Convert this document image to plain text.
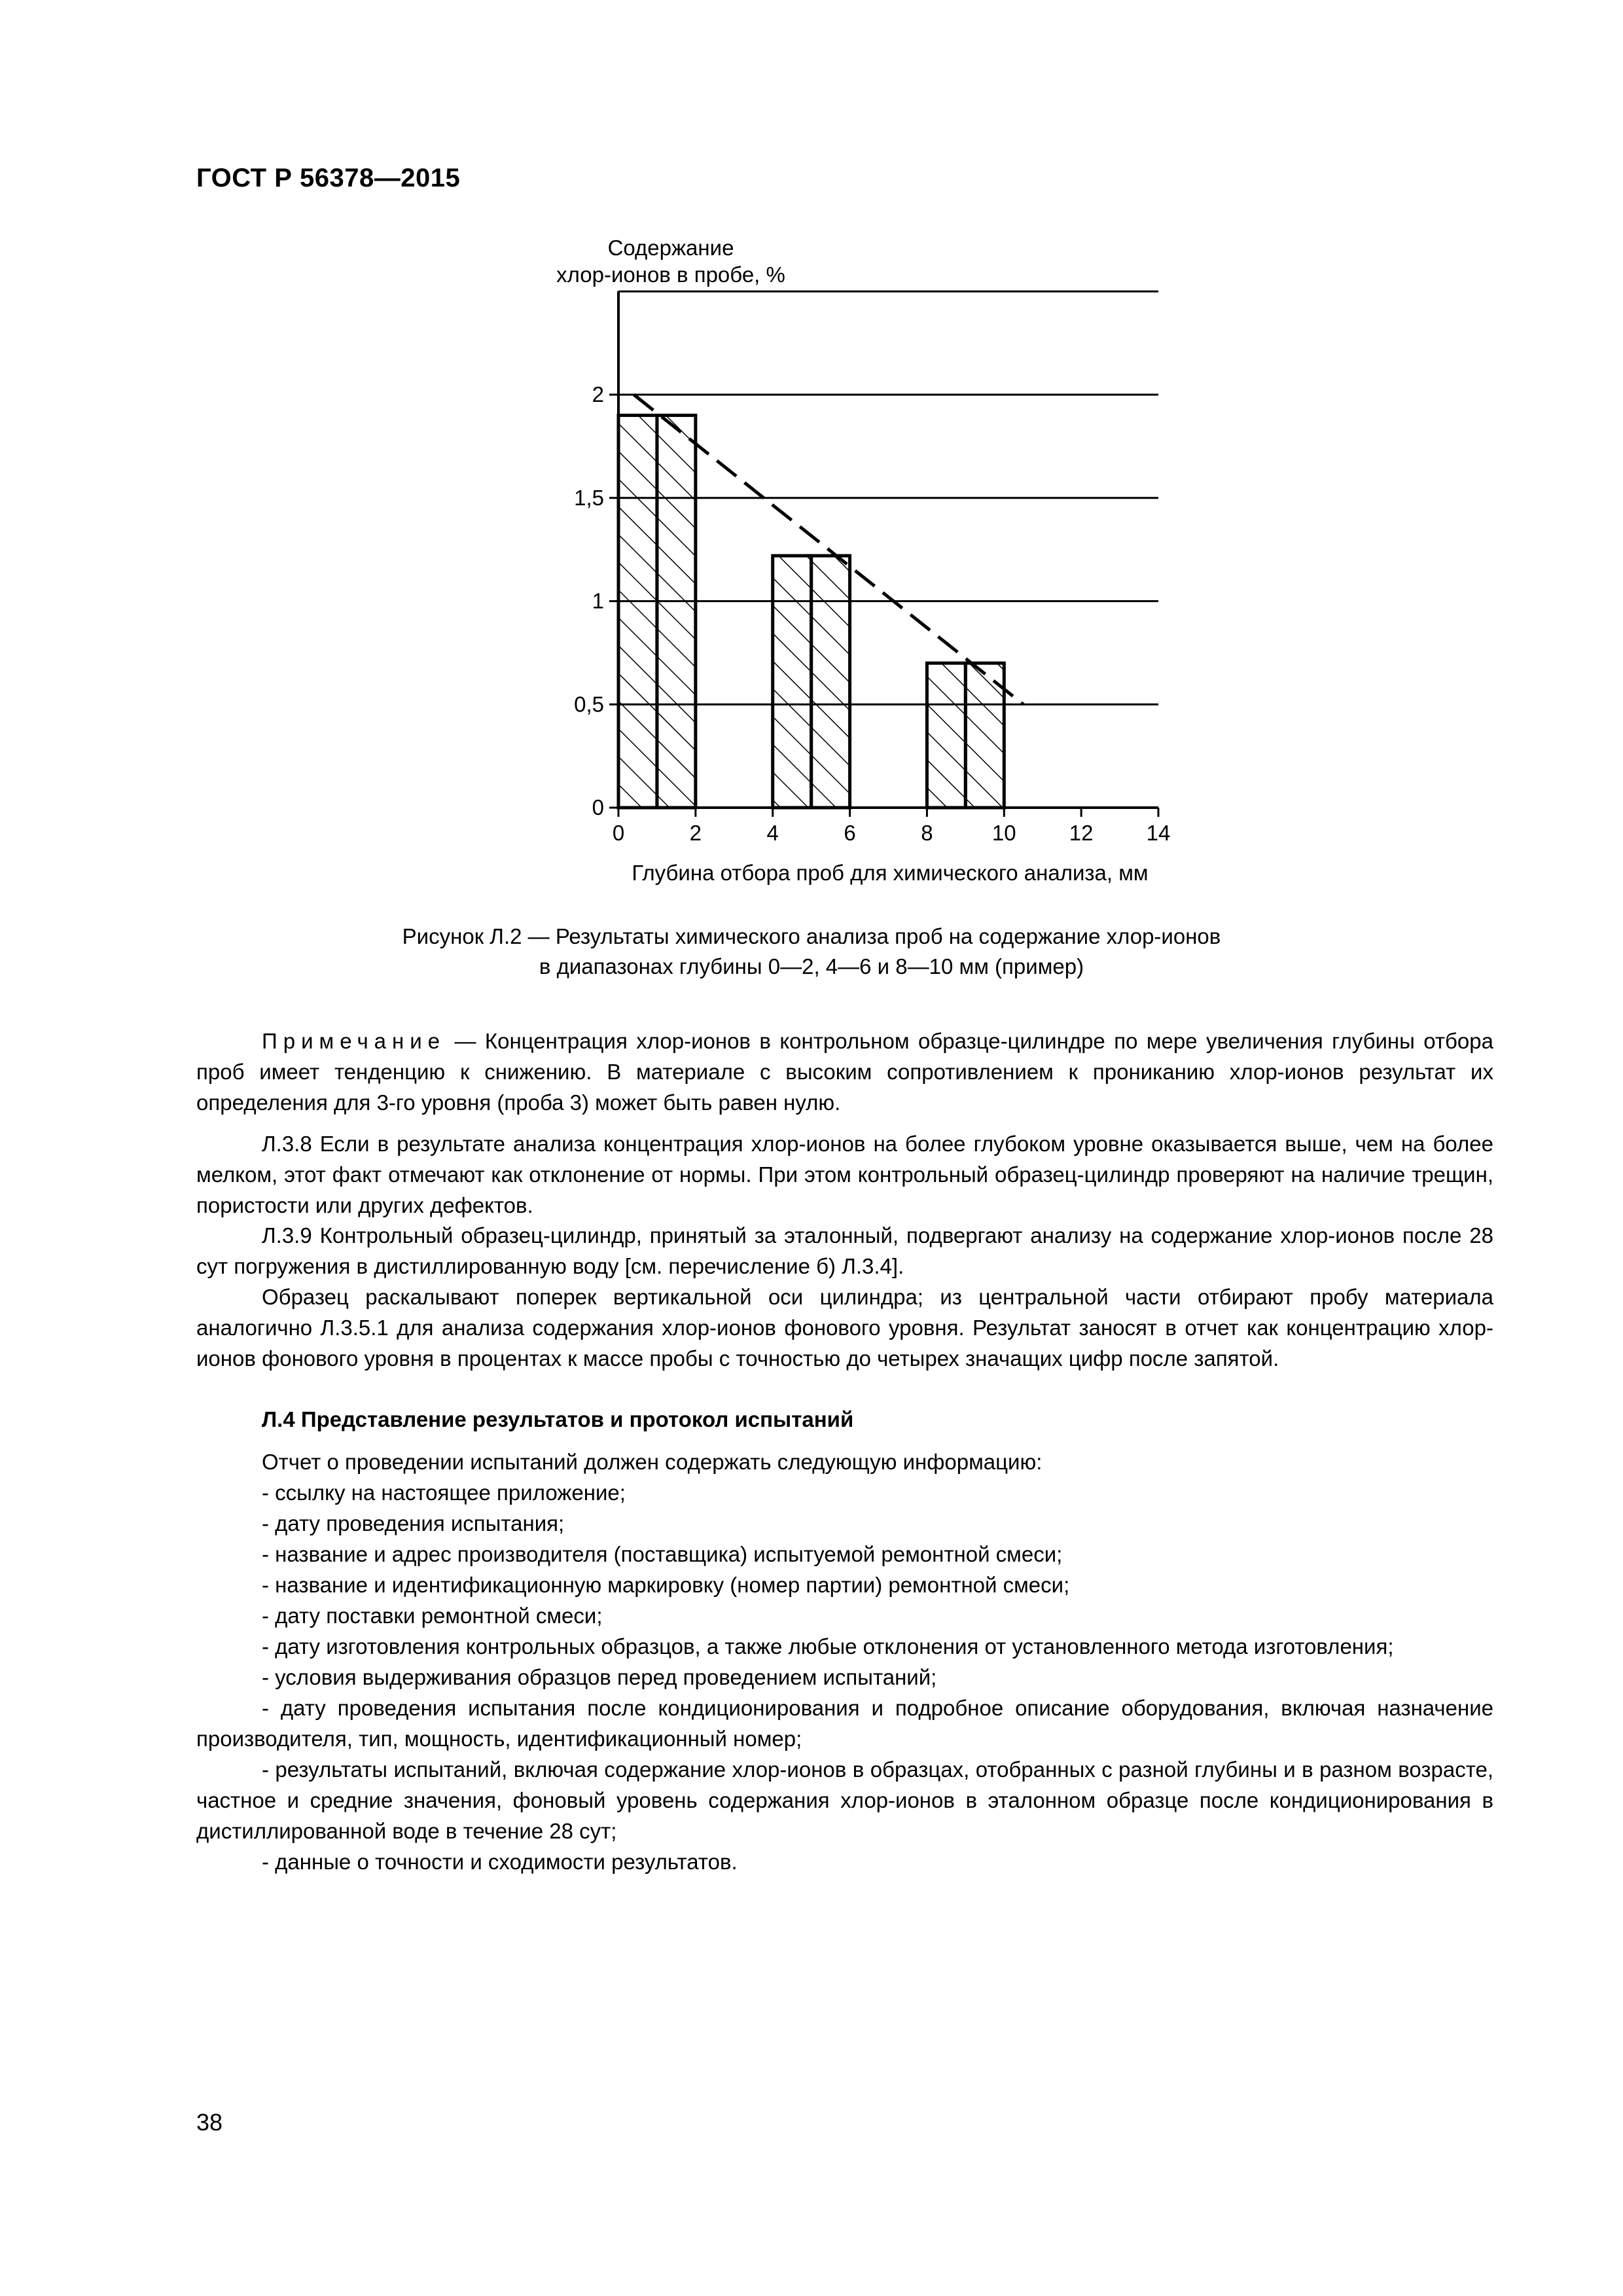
ГОСТ Р 56378—2015
Содержание
хлор-ионов в пробе, %
0
0,5
1
1,5
2
0	2	4	6	8	10 12 14
Глубина отбора проб для химического анализа, мм
Рисунок Л.2 — Результаты химического анализа проб на содержание хлор-ионов
в диапазонах глубины 0—2, 4—6 и 8—10 мм (пример)

Примечание — Концентрация хлор-ионов в контрольном образце-цилиндре по мере увеличения глубины отбора проб имеет тенденцию к снижению. В материале с высоким сопротивлением к прониканию хлор-ионов результат их определения для 3-го уровня (проба 3) может быть равен нулю.

Л.3.8 Если в результате анализа концентрация хлор-ионов на более глубоком уровне оказывается выше, чем на более мелком, этот факт отмечают как отклонение от нормы. При этом контрольный образец-цилиндр проверяют на наличие трещин, пористости или других дефектов.

Л.3.9 Контрольный образец-цилиндр, принятый за эталонный, подвергают анализу на содержание хлор-ионов после 28 сут погружения в дистиллированную воду [см. перечисление б) Л.3.4].

Образец раскалывают поперек вертикальной оси цилиндра; из центральной части отбирают пробу материала аналогично Л.3.5.1 для анализа содержания хлор-ионов фонового уровня. Результат заносят в отчет как концентрацию хлор-ионов фонового уровня в процентах к массе пробы с точностью до четырех значащих цифр после запятой.

Л.4 Представление результатов и протокол испытаний

Отчет о проведении испытаний должен содержать следующую информацию:

- ссылку на настоящее приложение;
- дату проведения испытания;
- название и адрес производителя (поставщика) испытуемой ремонтной смеси;
- название и идентификационную маркировку (номер партии) ремонтной смеси;
- дату поставки ремонтной смеси;
- дату изготовления контрольных образцов, а также любые отклонения от установленного метода изготовления;
- условия выдерживания образцов перед проведением испытаний;
- дату проведения испытания после кондиционирования и подробное описание оборудования, включая назначение производителя, тип, мощность, идентификационный номер;
- результаты испытаний, включая содержание хлор-ионов в образцах, отобранных с разной глубины и в разном возрасте, частное и средние значения, фоновый уровень содержания хлор-ионов в эталонном образце после кондиционирования в дистиллированной воде в течение 28 сут;
- данные о точности и сходимости результатов.
38
